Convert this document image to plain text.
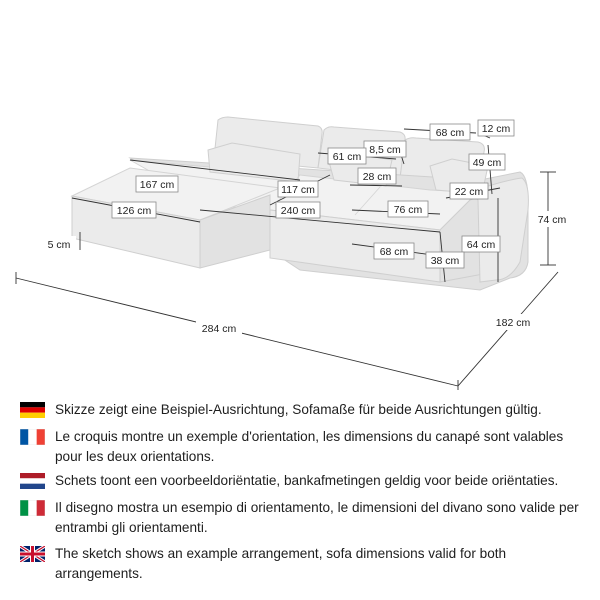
68 cm 12 cm
8,5 cm
61 cm	49 cm
167 cm
28 cm
117 cm	22 cm
126 cm	240 cm	76 cm
74 cm
5 cm	64 cm
68 cm
38 cm
284 cm	182 cm
Skizze zeigt eine Beispiel-Ausrichtung, Sofamaße für beide Ausrichtungen gültig.
Le croquis montre un exemple d'orientation, les dimensions du canapé sont valables pour les deux orientations.
Schets toont een voorbeeldoriëntatie, bankafmetingen geldig voor beide oriëntaties.
Il disegno mostra un esempio di orientamento, le dimensioni del divano sono valide per entrambi gli orientamenti.
The sketch shows an example arrangement, sofa dimensions valid for both arrangements.
